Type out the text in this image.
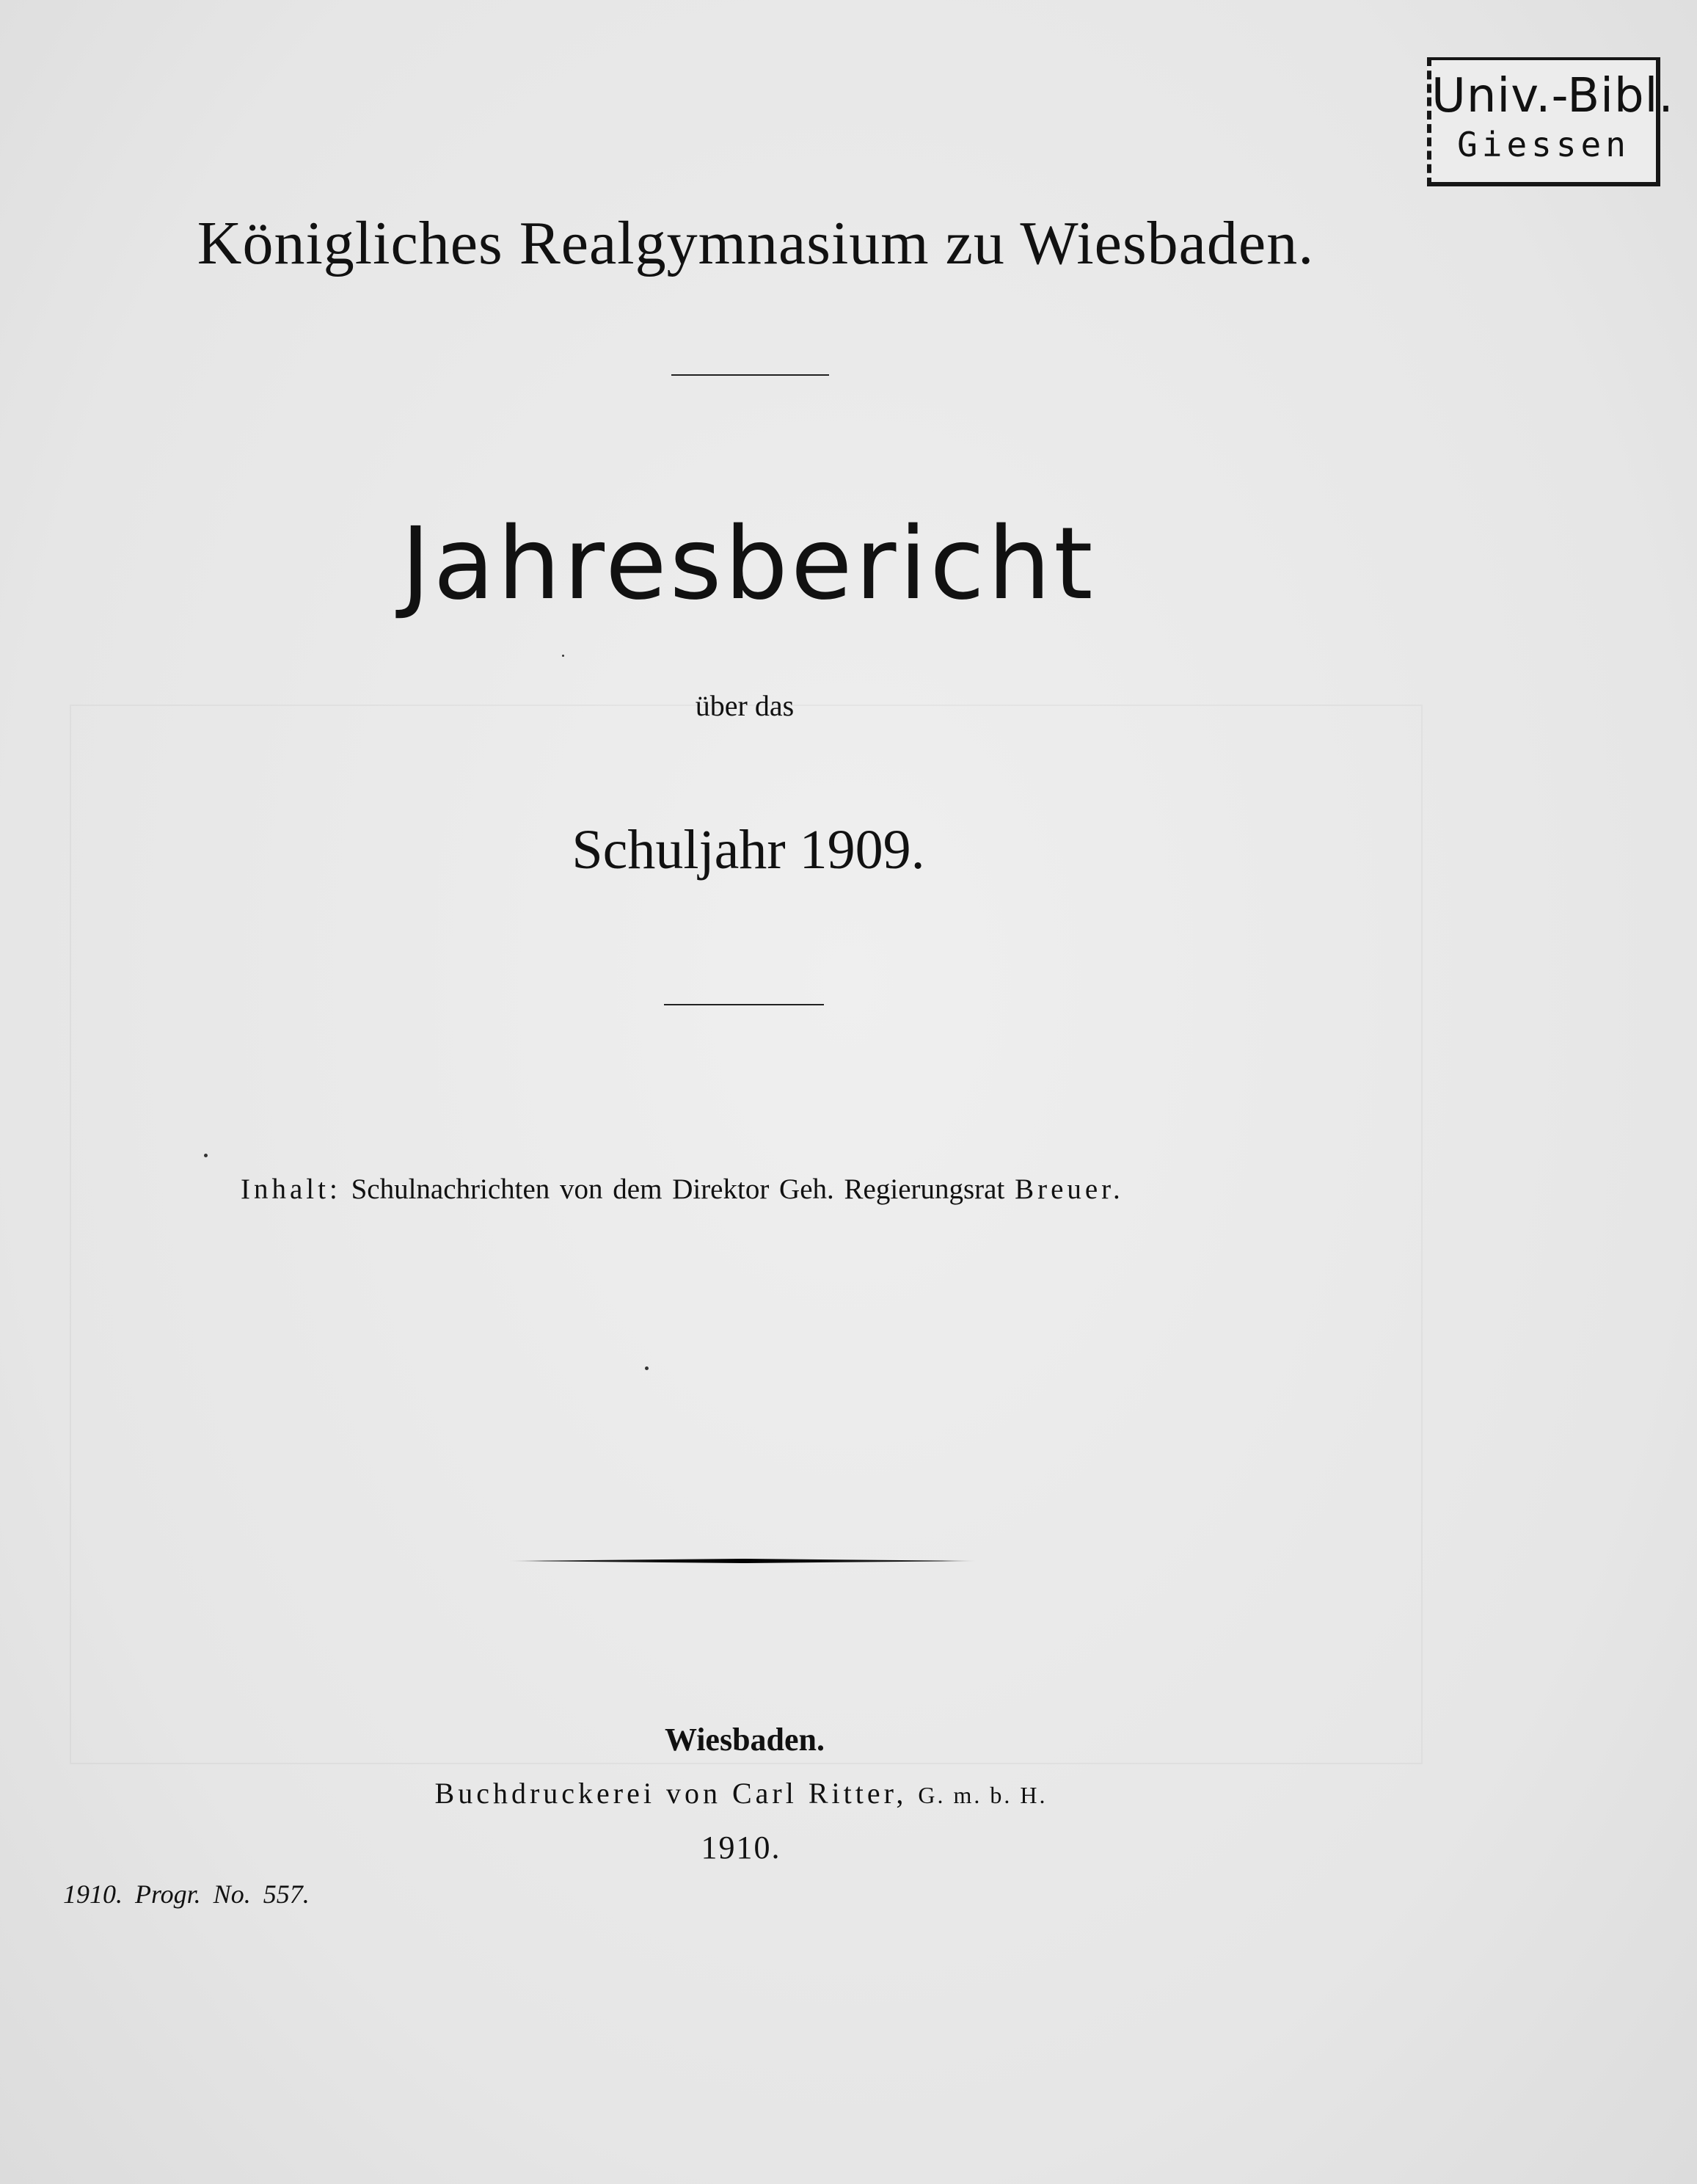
Univ.-Bibl.
Giessen
Königliches Realgymnasium zu Wiesbaden.
Jahresbericht
über das
Schuljahr 1909.
Inhalt: Schulnachrichten von dem Direktor Geh. Regierungsrat Breuer.
Wiesbaden.
Buchdruckerei von Carl Ritter, G. m. b. H.
1910.
1910. Progr. No. 557.
